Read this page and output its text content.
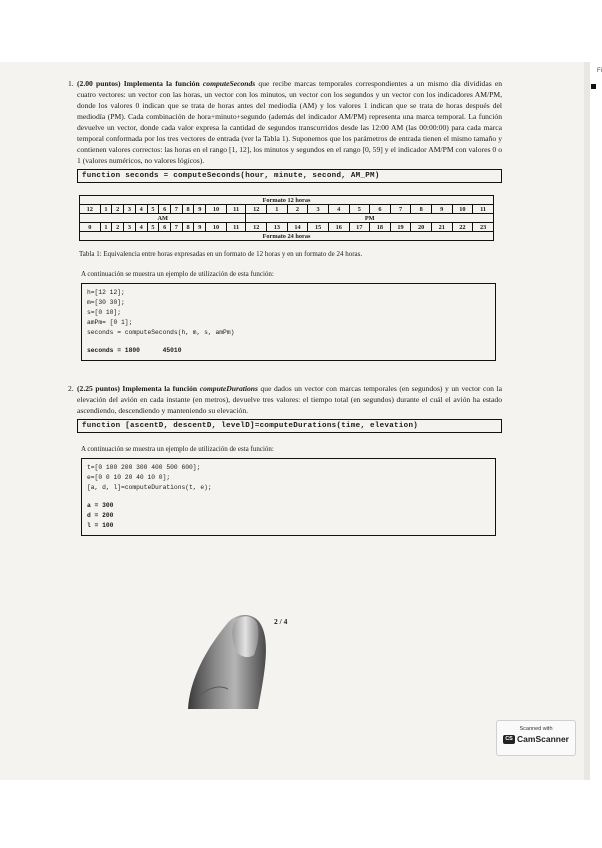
Fi

1. (2.00 puntos) Implementa la función computeSeconds que recibe marcas temporales correspondientes a un mismo día divididas en cuatro vectores: un vector con las horas, un vector con los minutos, un vector con los segundos y un vector con los indicadores AM/PM, donde los valores 0 indican que se trata de horas antes del mediodía (AM) y los valores 1 indican que se trata de horas después del mediodía (PM). Cada combinación de hora+minuto+segundo (además del indicador AM/PM) representa una marca temporal. La función devuelve un vector, donde cada valor expresa la cantidad de segundos transcurridos desde las 12:00 AM (las 00:00:00) para cada marca temporal conformada por los tres vectores de entrada (ver la Tabla 1). Suponemos que los parámetros de entrada tienen el mismo tamaño y contienen valores correctos: las horas en el rango [1, 12], los minutos y segundos en el rango [0, 59] y el indicador AM/PM con valores 0 o 1 (valores numéricos, no valores lógicos).

function seconds = computeSeconds(hour, minute, second, AM_PM)
Formato 12 horas																							
12	1	2	3	4	5	6	7	8	9	10	11	12	1	2	3	4	5	6	7	8	9	10	11
AM												PM											
0	1	2	3	4	5	6	7	8	9	10	11	12	13	14	15	16	17	18	19	20	21	22	23
Formato 24 horas																							
Tabla 1: Equivalencia entre horas expresadas en un formato de 12 horas y en un formato de 24 horas.
A continuación se muestra un ejemplo de utilización de esta función:
h=[12 12];
m=[30 30];
s=[0 10];
amPm= [0 1];
seconds = computeSeconds(h, m, s, amPm)
seconds = 1800	45010

2. (2.25 puntos) Implementa la función computeDurations que dados un vector con marcas temporales (en segundos) y un vector con la elevación del avión en cada instante (en metros), devuelve tres valores: el tiempo total (en segundos) durante el cuál el avión ha estado ascendiendo, descendiendo y manteniendo su elevación.

function [ascentD, descentD, levelD]=computeDurations(time, elevation)
A continuación se muestra un ejemplo de utilización de esta función:
t=[0 100 200 300 400 500 600];
e=[0 0 10 20 40 10 0];
[a, d, l]=computeDurations(t, e);
a = 300
d = 200
l = 100
2 / 4
Scanned with
CS CamScanner
